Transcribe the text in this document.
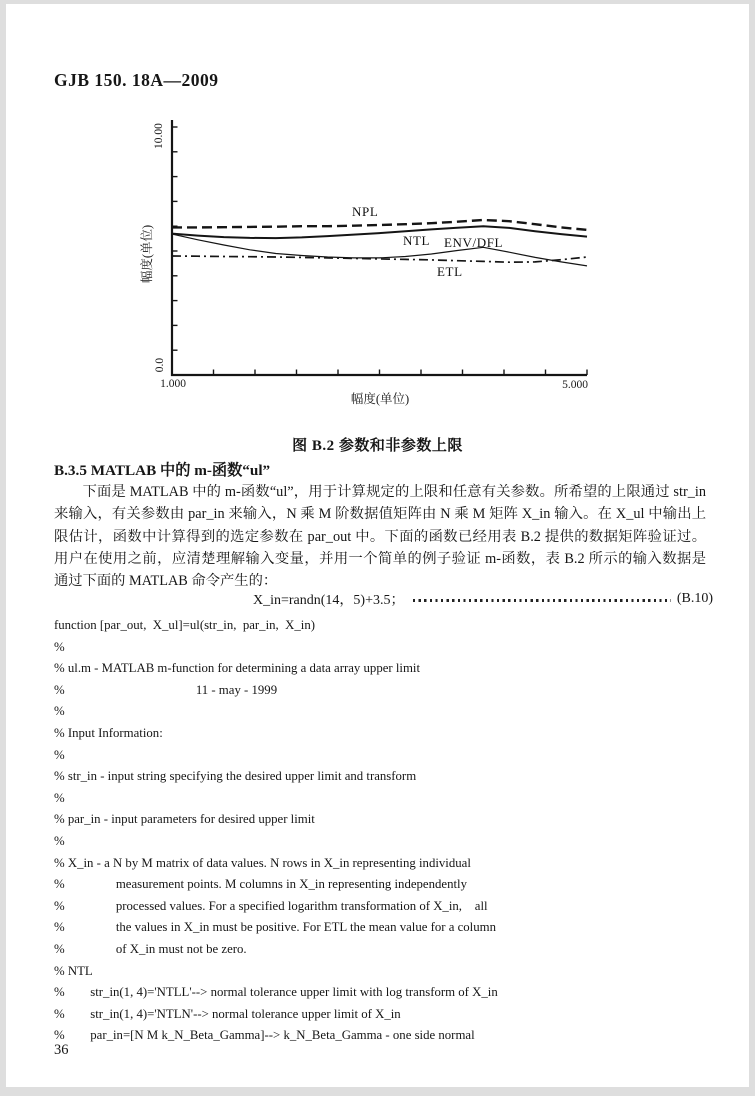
GJB 150. 18A—2009
10.00
0.0
幅度(单位)
1.000	5.000
幅度(单位)
NPL
NTL ENV/DFL
ETL
图 B.2 参数和非参数上限
B.3.5 MATLAB 中的 m-函数“ul”
下面是 MATLAB 中的 m-函数“ul”，用于计算规定的上限和任意有关参数。所希望的上限通过 str_in
来输入，有关参数由 par_in 来输入，N 乘 M 阶数据值矩阵由 N 乘 M 矩阵 X_in 输入。在 X_ul 中输出上
限估计，函数中计算得到的选定参数在 par_out 中。下面的函数已经用表 B.2 提供的数据矩阵验证过。
用户在使用之前，应清楚理解输入变量，并用一个简单的例子验证 m-函数，表 B.2 所示的输入数据是
通过下面的 MATLAB 命令产生的：
X_in=randn(14，5)+3.5；	(B.10)
function [par_out,  X_ul]=ul(str_in,  par_in,  X_in)
%
% ul.m - MATLAB m-function for determining a data array upper limit
%                                         11 - may - 1999
%
% Input Information:
%
% str_in - input string specifying the desired upper limit and transform
%
% par_in - input parameters for desired upper limit
%
% X_in - a N by M matrix of data values. N rows in X_in representing individual
%                measurement points. M columns in X_in representing independently
%                processed values. For a specified logarithm transformation of X_in,    all
%                the values in X_in must be positive. For ETL the mean value for a column
%                of X_in must not be zero.
% NTL
%        str_in(1, 4)='NTLL'--> normal tolerance upper limit with log transform of X_in
%        str_in(1, 4)='NTLN'--> normal tolerance upper limit of X_in
%        par_in=[N M k_N_Beta_Gamma]--> k_N_Beta_Gamma - one side normal
36
